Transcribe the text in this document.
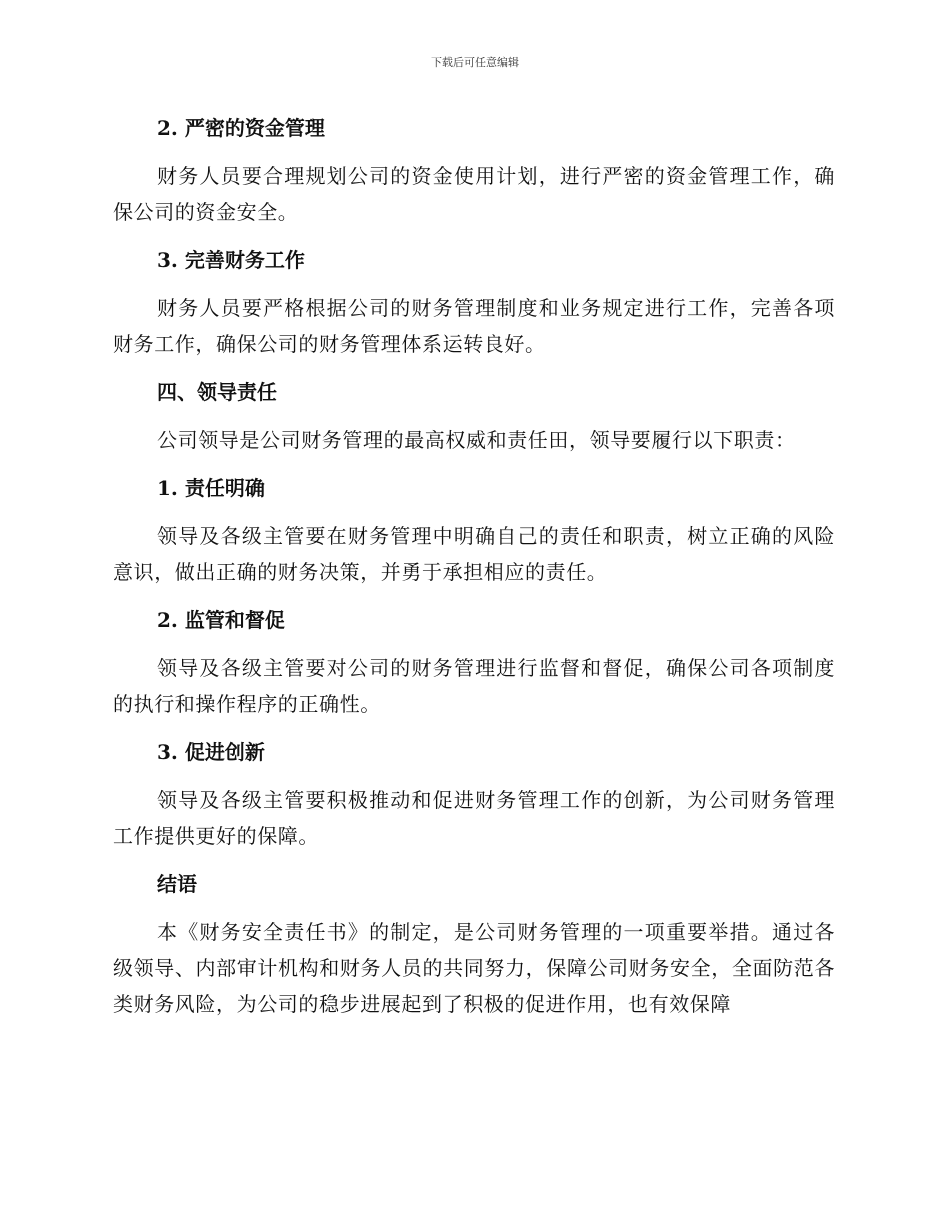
下载后可任意编辑

2. 严密的资金管理

财务人员要合理规划公司的资金使用计划，进行严密的资金管理工作，确保公司的资金安全。

3. 完善财务工作

财务人员要严格根据公司的财务管理制度和业务规定进行工作，完善各项财务工作，确保公司的财务管理体系运转良好。

四、领导责任

公司领导是公司财务管理的最高权威和责任田，领导要履行以下职责：

1. 责任明确

领导及各级主管要在财务管理中明确自己的责任和职责，树立正确的风险意识，做出正确的财务决策，并勇于承担相应的责任。

2. 监管和督促

领导及各级主管要对公司的财务管理进行监督和督促，确保公司各项制度的执行和操作程序的正确性。

3. 促进创新

领导及各级主管要积极推动和促进财务管理工作的创新，为公司财务管理工作提供更好的保障。

结语

本《财务安全责任书》的制定，是公司财务管理的一项重要举措。通过各级领导、内部审计机构和财务人员的共同努力，保障公司财务安全，全面防范各类财务风险，为公司的稳步进展起到了积极的促进作用，也有效保障
